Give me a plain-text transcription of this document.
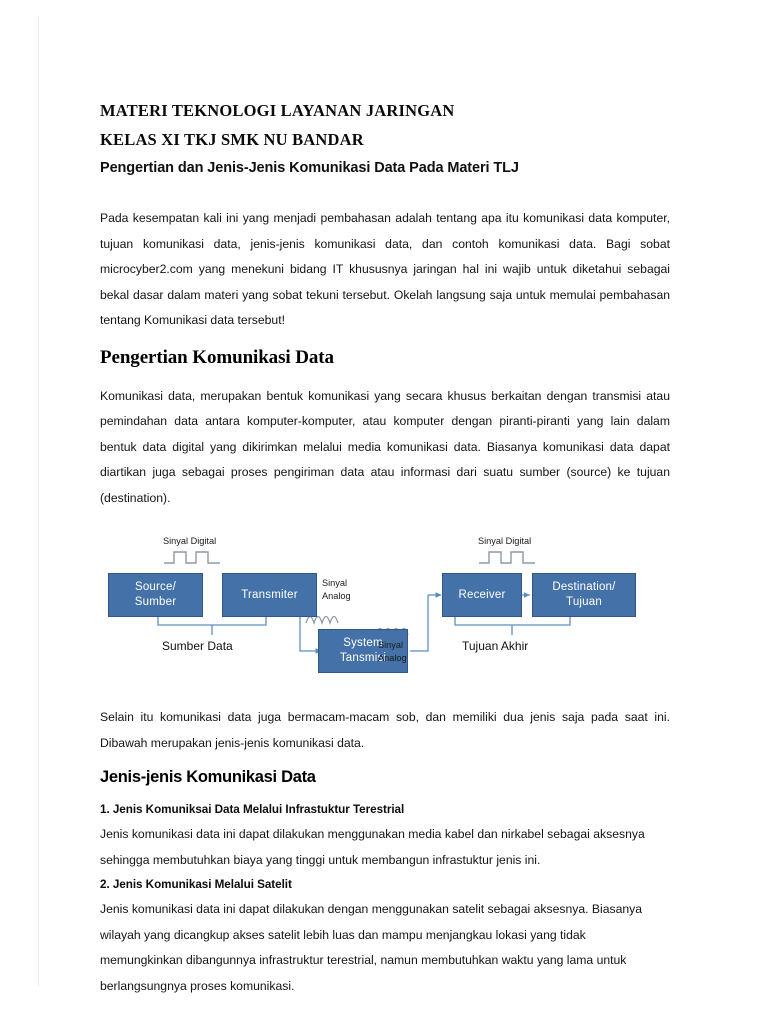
MATERI TEKNOLOGI LAYANAN JARINGAN
KELAS XI TKJ SMK NU BANDAR
Pengertian dan Jenis-Jenis Komunikasi Data Pada Materi TLJ

Pada kesempatan kali ini yang menjadi pembahasan adalah tentang apa itu komunikasi data komputer, tujuan komunikasi data, jenis-jenis komunikasi data, dan contoh komunikasi data. Bagi sobat microcyber2.com yang menekuni bidang IT khususnya jaringan hal ini wajib untuk diketahui sebagai bekal dasar dalam materi yang sobat tekuni tersebut. Okelah langsung saja untuk memulai pembahasan tentang Komunikasi data tersebut!

Pengertian Komunikasi Data

Komunikasi data, merupakan bentuk komunikasi yang secara khusus berkaitan dengan transmisi atau pemindahan data antara komputer-komputer, atau komputer dengan piranti-piranti yang lain dalam bentuk data digital yang dikirimkan melalui media komunikasi data. Biasanya komunikasi data dapat diartikan juga sebagai proses pengiriman data atau informasi dari suatu sumber (source) ke tujuan (destination).

Source/
Sumber
Transmiter
System
Tansmisi
Receiver
Destination/
Tujuan
Sinyal Digital	Sinyal Digital
Sinyal
Analog
Sinyal
Analog
Sumber Data	Tujuan Akhir

Selain itu komunikasi data juga bermacam-macam sob, dan memiliki dua jenis saja pada saat ini. Dibawah merupakan jenis-jenis komunikasi data.

Jenis-jenis Komunikasi Data
1. Jenis Komuniksai Data Melalui Infrastuktur Terestrial

Jenis komunikasi data ini dapat dilakukan menggunakan media kabel dan nirkabel sebagai aksesnya sehingga membutuhkan biaya yang tinggi untuk membangun infrastuktur jenis ini.

2. Jenis Komunikasi Melalui Satelit

Jenis komunikasi data ini dapat dilakukan dengan menggunakan satelit sebagai aksesnya. Biasanya wilayah yang dicangkup akses satelit lebih luas dan mampu menjangkau lokasi yang tidak memungkinkan dibangunnya infrastruktur terestrial, namun membutuhkan waktu yang lama untuk berlangsungnya proses komunikasi.
